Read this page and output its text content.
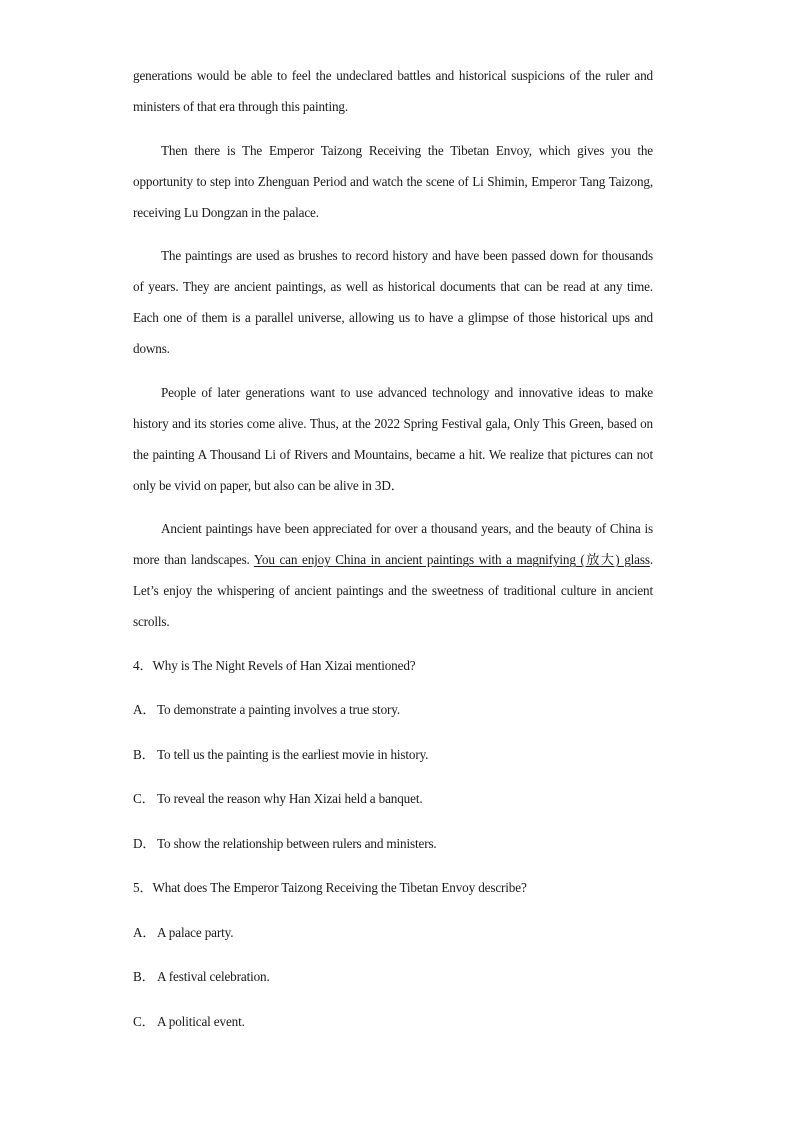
generations would be able to feel the undeclared battles and historical suspicions of the ruler and ministers of that era through this painting.

Then there is The Emperor Taizong Receiving the Tibetan Envoy, which gives you the opportunity to step into Zhenguan Period and watch the scene of Li Shimin, Emperor Tang Taizong, receiving Lu Dongzan in the palace.

The paintings are used as brushes to record history and have been passed down for thousands of years. They are ancient paintings, as well as historical documents that can be read at any time. Each one of them is a parallel universe, allowing us to have a glimpse of those historical ups and downs.

People of later generations want to use advanced technology and innovative ideas to make history and its stories come alive. Thus, at the 2022 Spring Festival gala, Only This Green, based on the painting A Thousand Li of Rivers and Mountains, became a hit. We realize that pictures can not only be vivid on paper, but also can be alive in 3D．

Ancient paintings have been appreciated for over a thousand years, and the beauty of China is more than landscapes. You can enjoy China in ancient paintings with a magnifying (放大) glass. Let’s enjoy the whispering of ancient paintings and the sweetness of traditional culture in ancient scrolls.

4．Why is The Night Revels of Han Xizai mentioned?

A． To demonstrate a painting involves a true story.

B． To tell us the painting is the earliest movie in history.

C． To reveal the reason why Han Xizai held a banquet.

D． To show the relationship between rulers and ministers.

5．What does The Emperor Taizong Receiving the Tibetan Envoy describe?

A． A palace party.

B． A festival celebration.

C． A political event.
